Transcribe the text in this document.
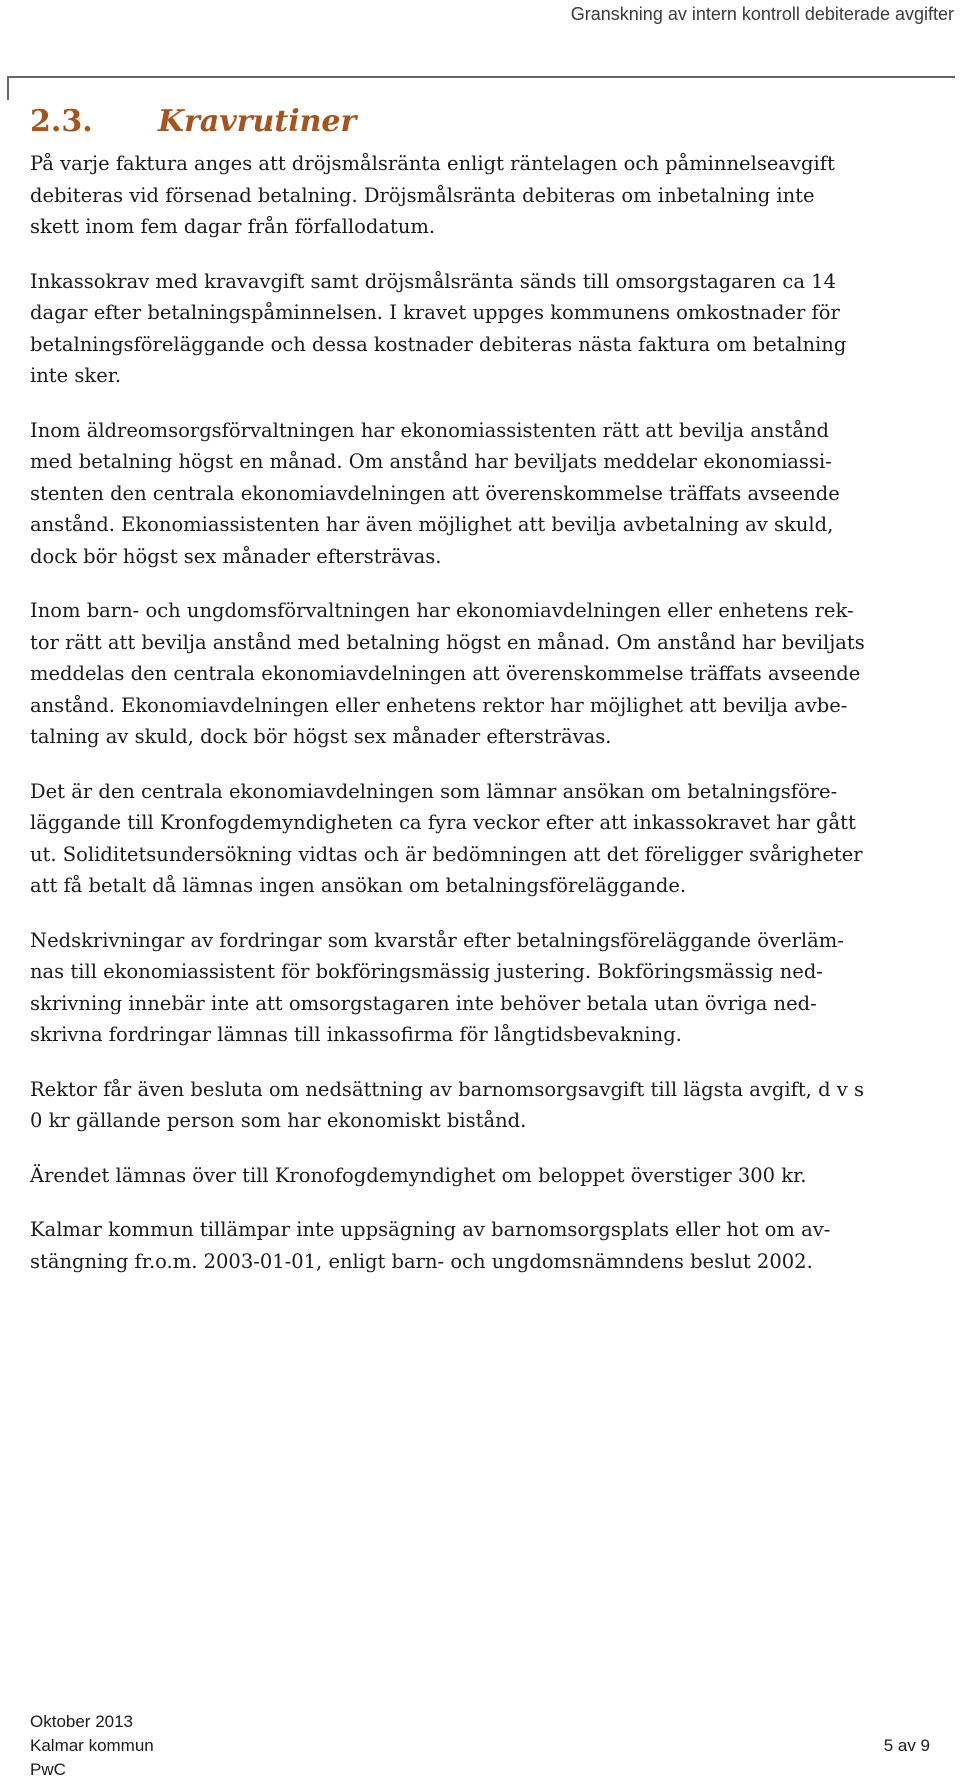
Granskning av intern kontroll debiterade avgifter
2.3. Kravrutiner

På varje faktura anges att dröjsmålsränta enligt räntelagen och påminnelseavgift
debiteras vid försenad betalning. Dröjsmålsränta debiteras om inbetalning inte
skett inom fem dagar från förfallodatum.

Inkassokrav med kravavgift samt dröjsmålsränta sänds till omsorgstagaren ca 14
dagar efter betalningspåminnelsen. I kravet uppges kommunens omkostnader för
betalningsföreläggande och dessa kostnader debiteras nästa faktura om betalning
inte sker.

Inom äldreomsorgsförvaltningen har ekonomiassistenten rätt att bevilja anstånd
med betalning högst en månad. Om anstånd har beviljats meddelar ekonomiassi-
stenten den centrala ekonomiavdelningen att överenskommelse träffats avseende
anstånd. Ekonomiassistenten har även möjlighet att bevilja avbetalning av skuld,
dock bör högst sex månader eftersträvas.

Inom barn- och ungdomsförvaltningen har ekonomiavdelningen eller enhetens rek-
tor rätt att bevilja anstånd med betalning högst en månad. Om anstånd har beviljats
meddelas den centrala ekonomiavdelningen att överenskommelse träffats avseende
anstånd. Ekonomiavdelningen eller enhetens rektor har möjlighet att bevilja avbe-
talning av skuld, dock bör högst sex månader eftersträvas.

Det är den centrala ekonomiavdelningen som lämnar ansökan om betalningsföre-
läggande till Kronfogdemyndigheten ca fyra veckor efter att inkassokravet har gått
ut. Soliditetsundersökning vidtas och är bedömningen att det föreligger svårigheter
att få betalt då lämnas ingen ansökan om betalningsföreläggande.

Nedskrivningar av fordringar som kvarstår efter betalningsföreläggande överläm-
nas till ekonomiassistent för bokföringsmässig justering. Bokföringsmässig ned-
skrivning innebär inte att omsorgstagaren inte behöver betala utan övriga ned-
skrivna fordringar lämnas till inkassofirma för långtidsbevakning.

Rektor får även besluta om nedsättning av barnomsorgsavgift till lägsta avgift, d v s
0 kr gällande person som har ekonomiskt bistånd.

Ärendet lämnas över till Kronofogdemyndighet om beloppet överstiger 300 kr.

Kalmar kommun tillämpar inte uppsägning av barnomsorgsplats eller hot om av-
stängning fr.o.m. 2003-01-01, enligt barn- och ungdomsnämndens beslut 2002.

Oktober 2013
Kalmar kommun	5 av 9
PwC
